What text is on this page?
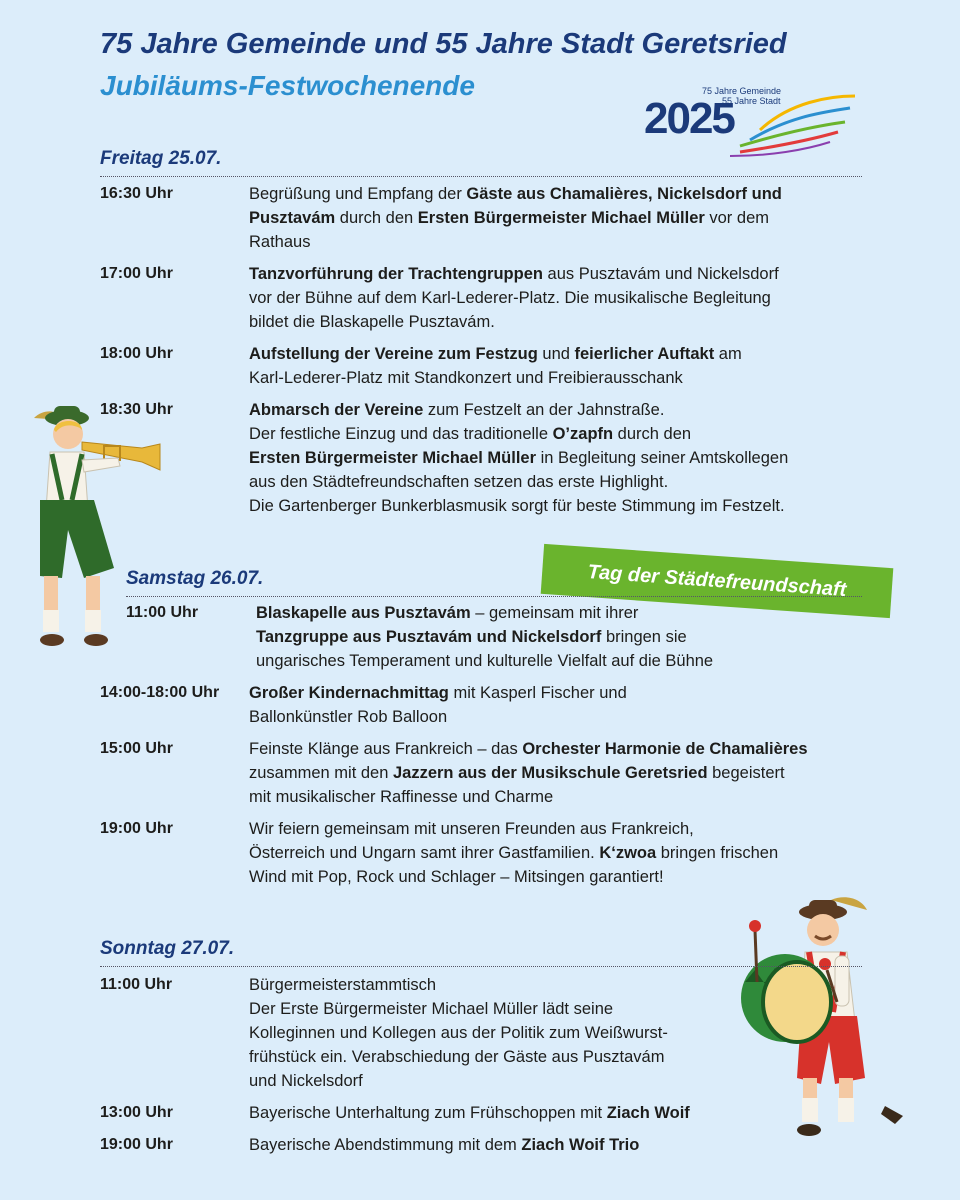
75 Jahre Gemeinde und 55 Jahre Stadt Geretsried
Jubiläums-Festwochenende	75 Jahre Gemeinde
55 Jahre Stadt
2025
Tag der Städtefreundschaft
Freitag 25.07.
Samstag 26.07.
Sonntag 27.07.
16:30 Uhr	Begrüßung und Empfang der Gäste aus Chamalières, Nickelsdorf und

Pusztavám durch den Ersten Bürgermeister Michael Müller vor dem

Rathaus

17:00 Uhr	Tanzvorführung der Trachtengruppen aus Pusztavám und Nickelsdorf

vor der Bühne auf dem Karl-Lederer-Platz. Die musikalische Begleitung

bildet die Blaskapelle Pusztavám.

18:00 Uhr	Aufstellung der Vereine zum Festzug und feierlicher Auftakt am

Karl-Lederer-Platz mit Standkonzert und Freibierausschank

18:30 Uhr	Abmarsch der Vereine zum Festzelt an der Jahnstraße.

Der festliche Einzug und das traditionelle O’zapfn durch den

Ersten Bürgermeister Michael Müller in Begleitung seiner Amtskollegen

aus den Städtefreundschaften setzen das erste Highlight.

Die Gartenberger Bunkerblasmusik sorgt für beste Stimmung im Festzelt.

11:00 Uhr	Blaskapelle aus Pusztavám – gemeinsam mit ihrer

Tanzgruppe aus Pusztavám und Nickelsdorf bringen sie

ungarisches Temperament und kulturelle Vielfalt auf die Bühne

14:00-18:00 Uhr Großer Kindernachmittag mit Kasperl Fischer und

Ballonkünstler Rob Balloon

15:00 Uhr	Feinste Klänge aus Frankreich – das Orchester Harmonie de Chamalières

zusammen mit den Jazzern aus der Musikschule Geretsried begeistert

mit musikalischer Raffinesse und Charme

19:00 Uhr	Wir feiern gemeinsam mit unseren Freunden aus Frankreich,

Österreich und Ungarn samt ihrer Gastfamilien. K‘zwoa bringen frischen

Wind mit Pop, Rock und Schlager – Mitsingen garantiert!

11:00 Uhr	Bürgermeisterstammtisch

Der Erste Bürgermeister Michael Müller lädt seine

Kolleginnen und Kollegen aus der Politik zum Weißwurst-

frühstück ein. Verabschiedung der Gäste aus Pusztavám

und Nickelsdorf

13:00 Uhr	Bayerische Unterhaltung zum Frühschoppen mit Ziach Woif

19:00 Uhr	Bayerische Abendstimmung mit dem Ziach Woif Trio
